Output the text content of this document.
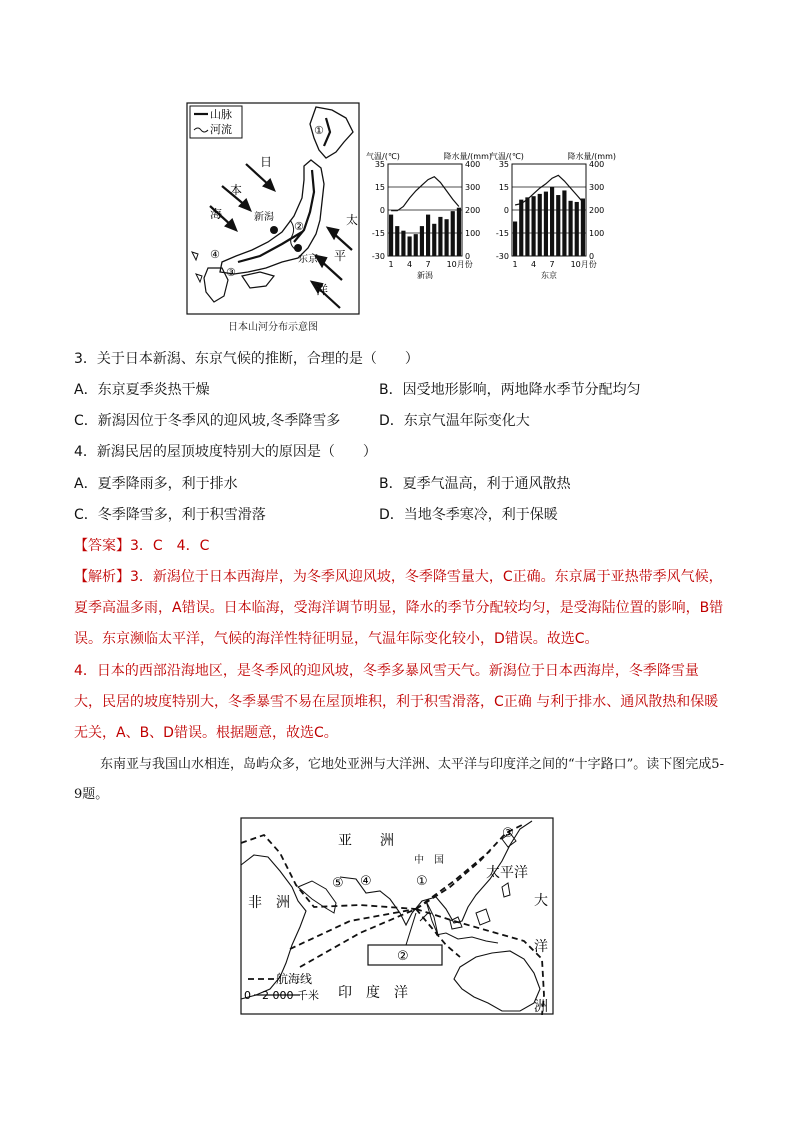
山脉
河流
日
本
海	太
平
洋
新潟
东京
①
②
③
④
日本山河分布示意图
气温/(℃)	降水量/(mm)
35	400
15	300
0	200
-15	100
-30	0
1 4 7 10月份
新潟
气温/(℃)	降水量/(mm)
35	400
15	300
0	200
-15	100
-30	0
1 4 7 10月份
东京
3．关于日本新潟、东京气候的推断，合理的是（　　）
A．东京夏季炎热干燥	B．因受地形影响，两地降水季节分配均匀
C．新潟因位于冬季风的迎风坡,冬季降雪多	D．东京气温年际变化大
4．新潟民居的屋顶坡度特别大的原因是（　　）
A．夏季降雨多，利于排水	B．夏季气温高，利于通风散热
C．冬季降雪多，利于积雪滑落	D．当地冬季寒冷，利于保暖
【答案】3．C　4．C
【解析】3．新潟位于日本西海岸，为冬季风迎风坡，冬季降雪量大，C正确。东京属于亚热带季风气候，夏季高温多雨，A错误。日本临海，受海洋调节明显，降水的季节分配较均匀，是受海陆位置的影响，B错误。东京濒临太平洋，气候的海洋性特征明显，气温年际变化较小，D错误。故选C。
4．日本的西部沿海地区，是冬季风的迎风坡，冬季多暴风雪天气。新潟位于日本西海岸，冬季降雪量大，民居的坡度特别大，冬季暴雪不易在屋顶堆积，利于积雪滑落，C正确 与利于排水、通风散热和保暖无关，A、B、D错误。根据题意，故选C。
东南亚与我国山水相连，岛屿众多，它地处亚洲与大洋洲、太平洋与印度洋之间的“十字路口”。读下图完成5-9题。
②
航海线
0　2 000 千米
亚　　洲
中　国
太平洋
非　洲	大
洋
洲
印　度　洋
①
③
④
⑤
